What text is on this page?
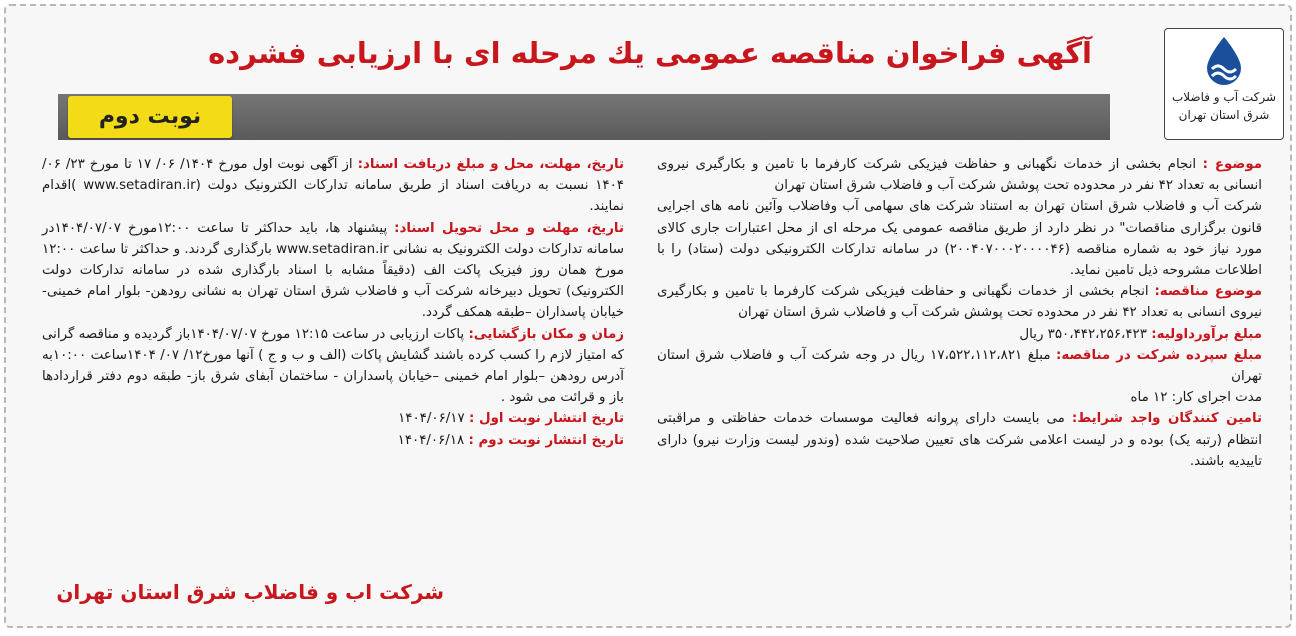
شرکت آب و فاضلاب
شرق استان تهران
آگهی فراخوان مناقصه عمومی یك مرحله ای با ارزیابی فشرده
نوبت دوم

موضوع : انجام بخشی از خدمات نگهبانی و حفاظت فیزیکی شرکت کارفرما با تامین و بکارگیری نیروی انسانی به تعداد ۴۲ نفر در محدوده تحت پوشش شرکت آب و فاضلاب شرق استان تهران

شرکت آب و فاضلاب شرق استان تهران به استناد شرکت های سهامی آب وفاضلاب وآئین نامه های اجرایی قانون برگزاری مناقصات" در نظر دارد از طریق مناقصه عمومی یک مرحله ای از محل اعتبارات جاری کالای مورد نیاز خود به شماره مناقصه (۲۰۰۴۰۷۰۰۰۲۰۰۰۰۴۶) در سامانه تدارکات الکترونیکی دولت (ستاد) را با اطلاعات مشروحه ذیل تامین نماید.

موضوع مناقصه: انجام بخشی از خدمات نگهبانی و حفاظت فیزیکی شرکت کارفرما با تامین و بکارگیری نیروی انسانی به تعداد ۴۲ نفر در محدوده تحت پوشش شرکت آب و فاضلاب شرق استان تهران

مبلغ برآورداولیه: ۳۵۰،۴۴۲،۲۵۶،۴۲۳ ریال

مبلغ سپرده شرکت در مناقصه: مبلغ ۱۷،۵۲۲،۱۱۲،۸۲۱ ریال در وجه شرکت آب و فاضلاب شرق استان تهران

مدت اجرای کار: ۱۲ ماه

تامین کنندگان واجد شرایط: می بایست دارای پروانه فعالیت موسسات خدمات حفاظتی و مراقبتی انتظام (رتبه یک) بوده و در لیست اعلامی شرکت های تعیین صلاحیت شده (وندور لیست وزارت نیرو) دارای تاییدیه باشند.

تاریخ، مهلت، محل و مبلغ دریافت اسناد: از آگهی نوبت اول مورخ ۱۴۰۴/ ۰۶/ ۱۷ تا مورخ ۲۳/ ۰۶/ ۱۴۰۴ نسبت به دریافت اسناد از طریق سامانه تدارکات الکترونیک دولت (www.setadiran.ir )اقدام نمایند.

تاریخ، مهلت و محل تحویل اسناد: پیشنهاد ها، باید حداکثر تا ساعت ۱۲:۰۰مورخ ۱۴۰۴/۰۷/۰۷در سامانه تدارکات دولت الکترونیک به نشانی www.setadiran.ir بارگذاری گردند. و حداکثر تا ساعت ۱۲:۰۰ مورخ همان روز فیزیک پاکت الف (دقیقاً مشابه با اسناد بارگذاری شده در سامانه تدارکات دولت الکترونیک) تحویل دبیرخانه شرکت آب و فاضلاب شرق استان تهران به نشانی رودهن- بلوار امام خمینی- خیابان پاسداران –طبقه همکف گردد.

زمان و مکان بازگشایی: پاکات ارزیابی در ساعت ۱۲:۱۵ مورخ ۱۴۰۴/۰۷/۰۷باز گردیده و مناقصه گرانی که امتیاز لازم را کسب کرده باشند گشایش پاکات (الف و ب و ج ) آنها مورخ۱۲/ ۰۷/ ۱۴۰۴ساعت ۱۰:۰۰به آدرس رودهن –بلوار امام خمینی –خیابان پاسداران - ساختمان آبفای شرق باز- طبقه دوم دفتر قراردادها باز و قرائت می شود .

تاریخ انتشار نوبت اول : ۱۴۰۴/۰۶/۱۷

تاریخ انتشار نوبت دوم : ۱۴۰۴/۰۶/۱۸

شرکت اب و فاضلاب شرق استان تهران
